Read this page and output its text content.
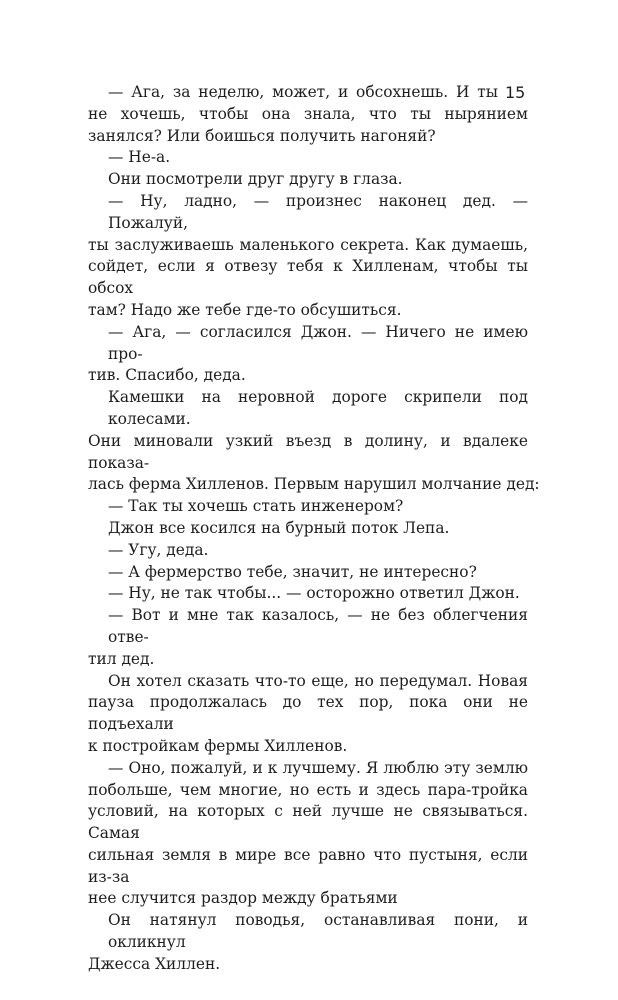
15
— Ага, за неделю, может, и обсохнешь. И ты
не хочешь, чтобы она знала, что ты нырянием
занялся? Или боишься получить нагоняй?
— Не-а.
Они посмотрели друг другу в глаза.
— Ну, ладно, — произнес наконец дед. — Пожалуй,
ты заслуживаешь маленького секрета. Как думаешь,
сойдет, если я отвезу тебя к Хилленам, чтобы ты обсох
там? Надо же тебе где-то обсушиться.
— Ага, — согласился Джон. — Ничего не имею про-
тив. Спасибо, деда.
Камешки на неровной дороге скрипели под колесами.
Они миновали узкий въезд в долину, и вдалеке показа-
лась ферма Хилленов. Первым нарушил молчание дед:
— Так ты хочешь стать инженером?
Джон все косился на бурный поток Лепа.
— Угу, деда.
— А фермерство тебе, значит, не интересно?
— Ну, не так чтобы... — осторожно ответил Джон.
— Вот и мне так казалось, — не без облегчения отве-
тил дед.
Он хотел сказать что-то еще, но передумал. Новая
пауза продолжалась до тех пор, пока они не подъехали
к постройкам фермы Хилленов.
— Оно, пожалуй, и к лучшему. Я люблю эту землю
побольше, чем многие, но есть и здесь пара-тройка
условий, на которых с ней лучше не связываться. Самая
сильная земля в мире все равно что пустыня, если из-за
нее случится раздор между братьями
Он натянул поводья, останавливая пони, и окликнул
Джесса Хиллен.
